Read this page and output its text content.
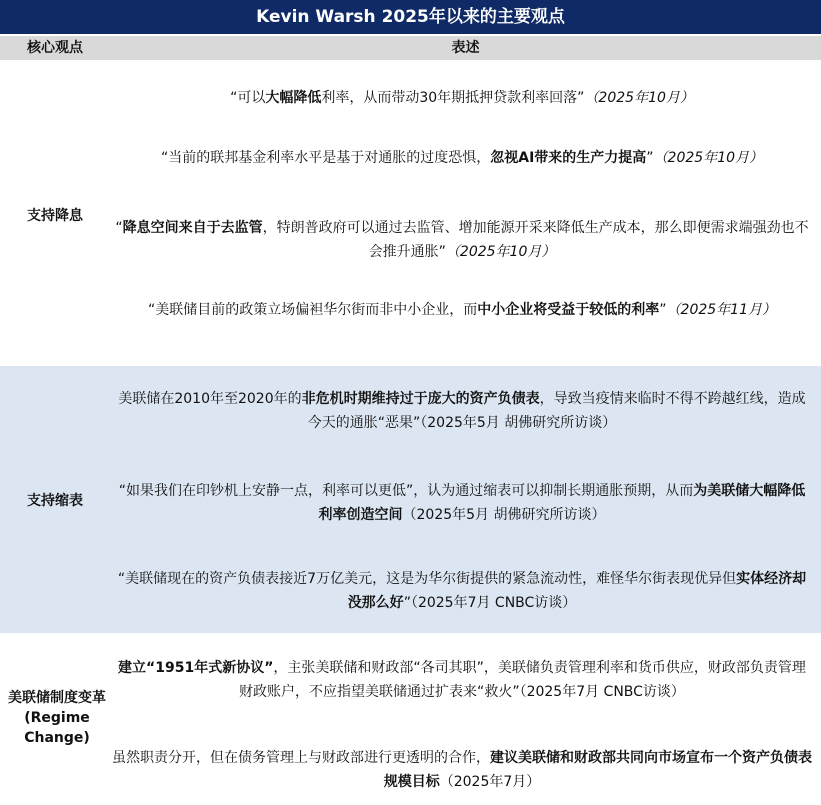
Kevin Warsh 2025年以来的主要观点
核心观点	表述
支持降息
“可以大幅降低利率，从而带动30年期抵押贷款利率回落”（2025年10月）
“当前的联邦基金利率水平是基于对通胀的过度恐惧，忽视AI带来的生产力提高”（2025年10月）
“降息空间来自于去监管，特朗普政府可以通过去监管、增加能源开采来降低生产成本，那么即便需求端强劲也不会推升通胀”（2025年10月）
“美联储目前的政策立场偏袒华尔街而非中小企业，而中小企业将受益于较低的利率”（2025年11月）
支持缩表
美联储在2010年至2020年的非危机时期维持过于庞大的资产负债表，导致当疫情来临时不得不跨越红线，造成今天的通胀“恶果”（2025年5月 胡佛研究所访谈）
“如果我们在印钞机上安静一点，利率可以更低”，认为通过缩表可以抑制长期通胀预期，从而为美联储大幅降低利率创造空间（2025年5月 胡佛研究所访谈）
“美联储现在的资产负债表接近7万亿美元，这是为华尔街提供的紧急流动性，难怪华尔街表现优异但实体经济却没那么好”（2025年7月 CNBC访谈）
美联储制度变革(Regime Change)
建立“1951年式新协议”，主张美联储和财政部“各司其职”，美联储负责管理利率和货币供应，财政部负责管理财政账户，不应指望美联储通过扩表来“救火”（2025年7月 CNBC访谈）
虽然职责分开，但在债务管理上与财政部进行更透明的合作，建议美联储和财政部共同向市场宣布一个资产负债表规模目标（2025年7月）
